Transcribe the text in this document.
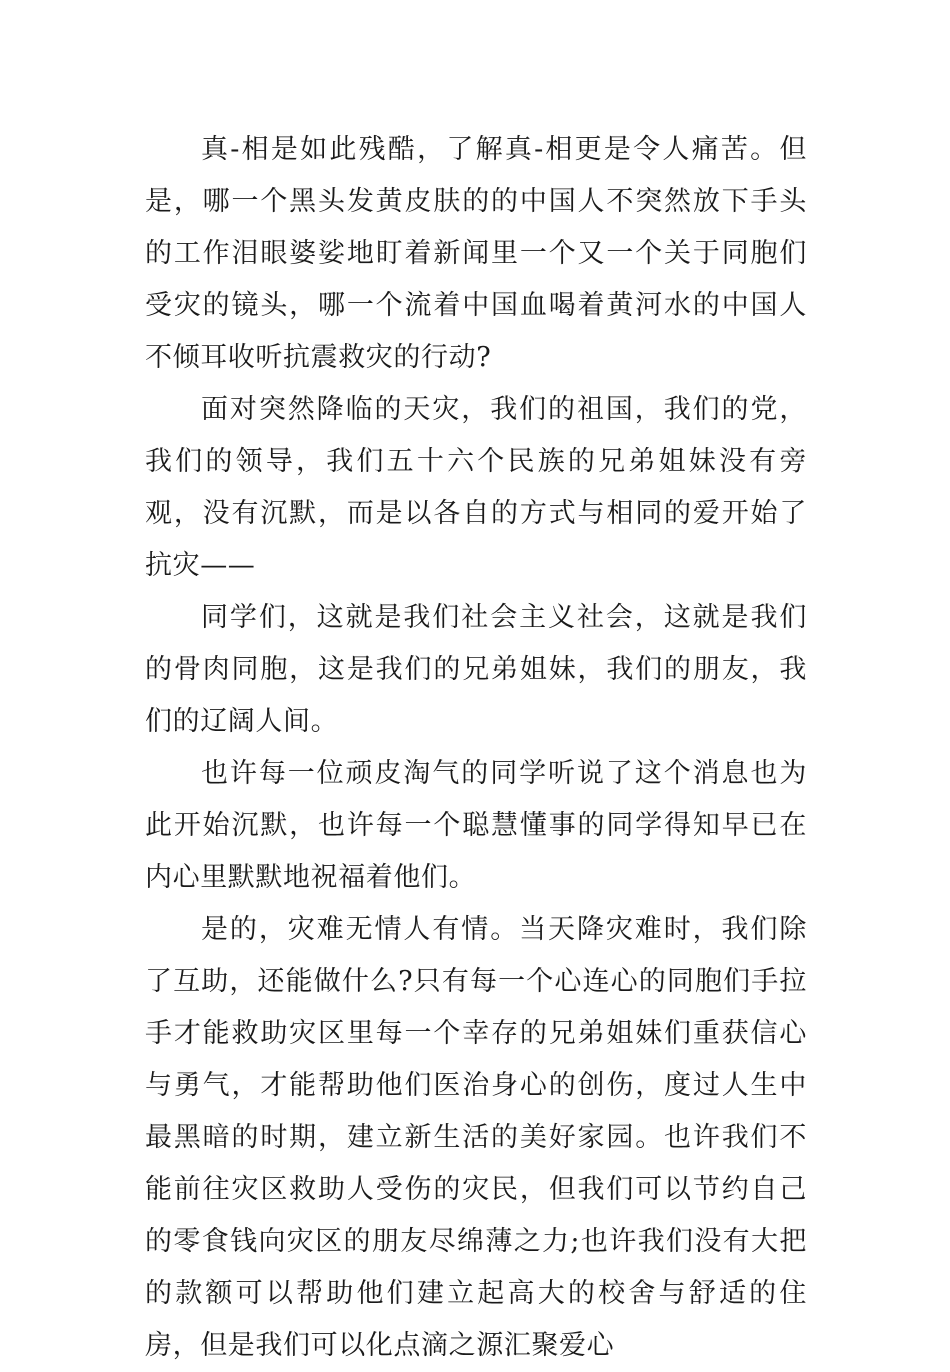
真-相是如此残酷，了解真-相更是令人痛苦。但是，哪一个黑头发黄皮肤的的中国人不突然放下手头的工作泪眼婆娑地盯着新闻里一个又一个关于同胞们受灾的镜头，哪一个流着中国血喝着黄河水的中国人不倾耳收听抗震救灾的行动?

面对突然降临的天灾，我们的祖国，我们的党，我们的领导，我们五十六个民族的兄弟姐妹没有旁观，没有沉默，而是以各自的方式与相同的爱开始了抗灾——

同学们，这就是我们社会主义社会，这就是我们的骨肉同胞，这是我们的兄弟姐妹，我们的朋友，我们的辽阔人间。

也许每一位顽皮淘气的同学听说了这个消息也为此开始沉默，也许每一个聪慧懂事的同学得知早已在内心里默默地祝福着他们。

是的，灾难无情人有情。当天降灾难时，我们除了互助，还能做什么?只有每一个心连心的同胞们手拉手才能救助灾区里每一个幸存的兄弟姐妹们重获信心与勇气，才能帮助他们医治身心的创伤，度过人生中最黑暗的时期，建立新生活的美好家园。也许我们不能前往灾区救助人受伤的灾民，但我们可以节约自己的零食钱向灾区的朋友尽绵薄之力;也许我们没有大把的款额可以帮助他们建立起高大的校舍与舒适的住房，但是我们可以化点滴之源汇聚爱心
